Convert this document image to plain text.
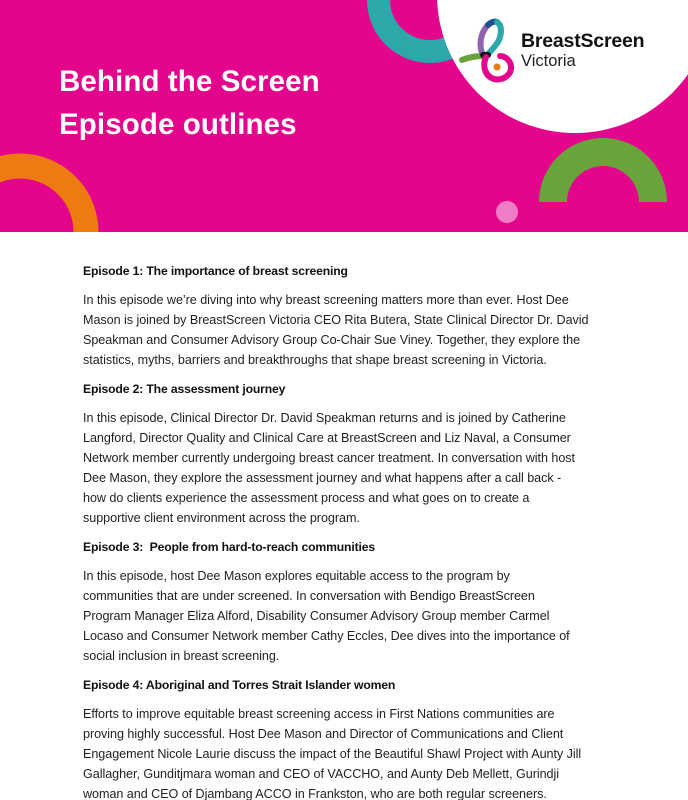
Behind the Screen
Episode outlines
BreastScreen
Victoria
Episode 1: The importance of breast screening
In this episode we’re diving into why breast screening matters more than ever. Host Dee
Mason is joined by BreastScreen Victoria CEO Rita Butera, State Clinical Director Dr. David
Speakman and Consumer Advisory Group Co-Chair Sue Viney. Together, they explore the
statistics, myths, barriers and breakthroughs that shape breast screening in Victoria.
Episode 2: The assessment journey
In this episode, Clinical Director Dr. David Speakman returns and is joined by Catherine
Langford, Director Quality and Clinical Care at BreastScreen and Liz Naval, a Consumer
Network member currently undergoing breast cancer treatment. In conversation with host
Dee Mason, they explore the assessment journey and what happens after a call back -
how do clients experience the assessment process and what goes on to create a
supportive client environment across the program.
Episode 3:  People from hard-to-reach communities
In this episode, host Dee Mason explores equitable access to the program by
communities that are under screened. In conversation with Bendigo BreastScreen
Program Manager Eliza Alford, Disability Consumer Advisory Group member Carmel
Locaso and Consumer Network member Cathy Eccles, Dee dives into the importance of
social inclusion in breast screening.
Episode 4: Aboriginal and Torres Strait Islander women
Efforts to improve equitable breast screening access in First Nations communities are
proving highly successful. Host Dee Mason and Director of Communications and Client
Engagement Nicole Laurie discuss the impact of the Beautiful Shawl Project with Aunty Jill
Gallagher, Gunditjmara woman and CEO of VACCHO, and Aunty Deb Mellett, Gurindji
woman and CEO of Djambang ACCO in Frankston, who are both regular screeners.
